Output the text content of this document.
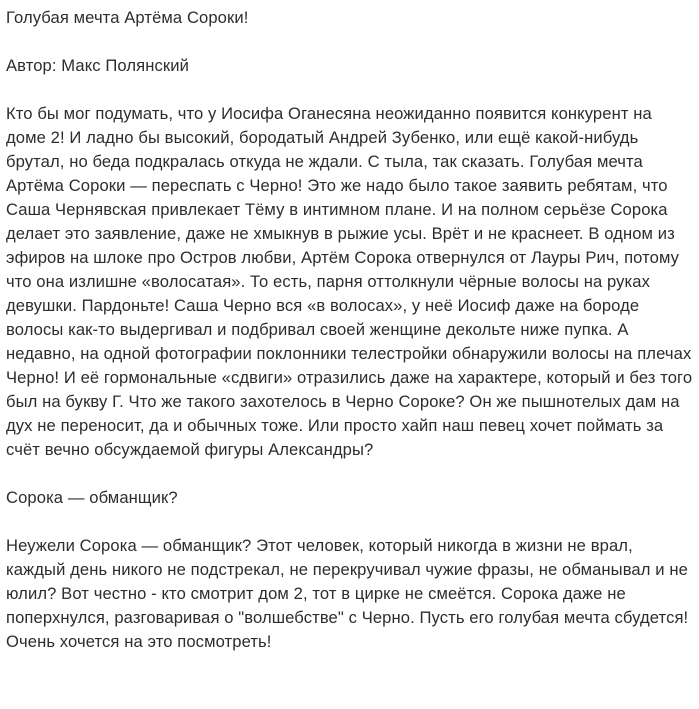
Голубая мечта Артёма Сороки!

Автор: Макс Полянский

Кто бы мог подумать, что у Иосифа Оганесяна неожиданно появится конкурент на доме 2! И ладно бы высокий, бородатый Андрей Зубенко, или ещё какой-нибудь брутал, но беда подкралась откуда не ждали. С тыла, так сказать. Голубая мечта Артёма Сороки — переспать с Черно! Это же надо было такое заявить ребятам, что Саша Чернявская привлекает Тёму в интимном плане. И на полном серьёзе Сорока делает это заявление, даже не хмыкнув в рыжие усы. Врёт и не краснеет. В одном из эфиров на шлоке про Остров любви, Артём Сорока отвернулся от Лауры Рич, потому что она излишне «волосатая». То есть, парня оттолкнули чёрные волосы на руках девушки. Пардоньте! Саша Черно вся «в волосах», у неё Иосиф даже на бороде волосы как-то выдергивал и подбривал своей женщине декольте ниже пупка. А недавно, на одной фотографии поклонники телестройки обнаружили волосы на плечах Черно! И её гормональные «сдвиги» отразились даже на характере, который и без того был на букву Г. Что же такого захотелось в Черно Сороке? Он же пышнотелых дам на дух не переносит, да и обычных тоже. Или просто хайп наш певец хочет поймать за счёт вечно обсуждаемой фигуры Александры?

Сорока — обманщик?

Неужели Сорока — обманщик? Этот человек, который никогда в жизни не врал, каждый день никого не подстрекал, не перекручивал чужие фразы, не обманывал и не юлил? Вот честно - кто смотрит дом 2, тот в цирке не смеётся. Сорока даже не поперхнулся, разговаривая о "волшебстве" с Черно. Пусть его голубая мечта сбудется! Очень хочется на это посмотреть!
